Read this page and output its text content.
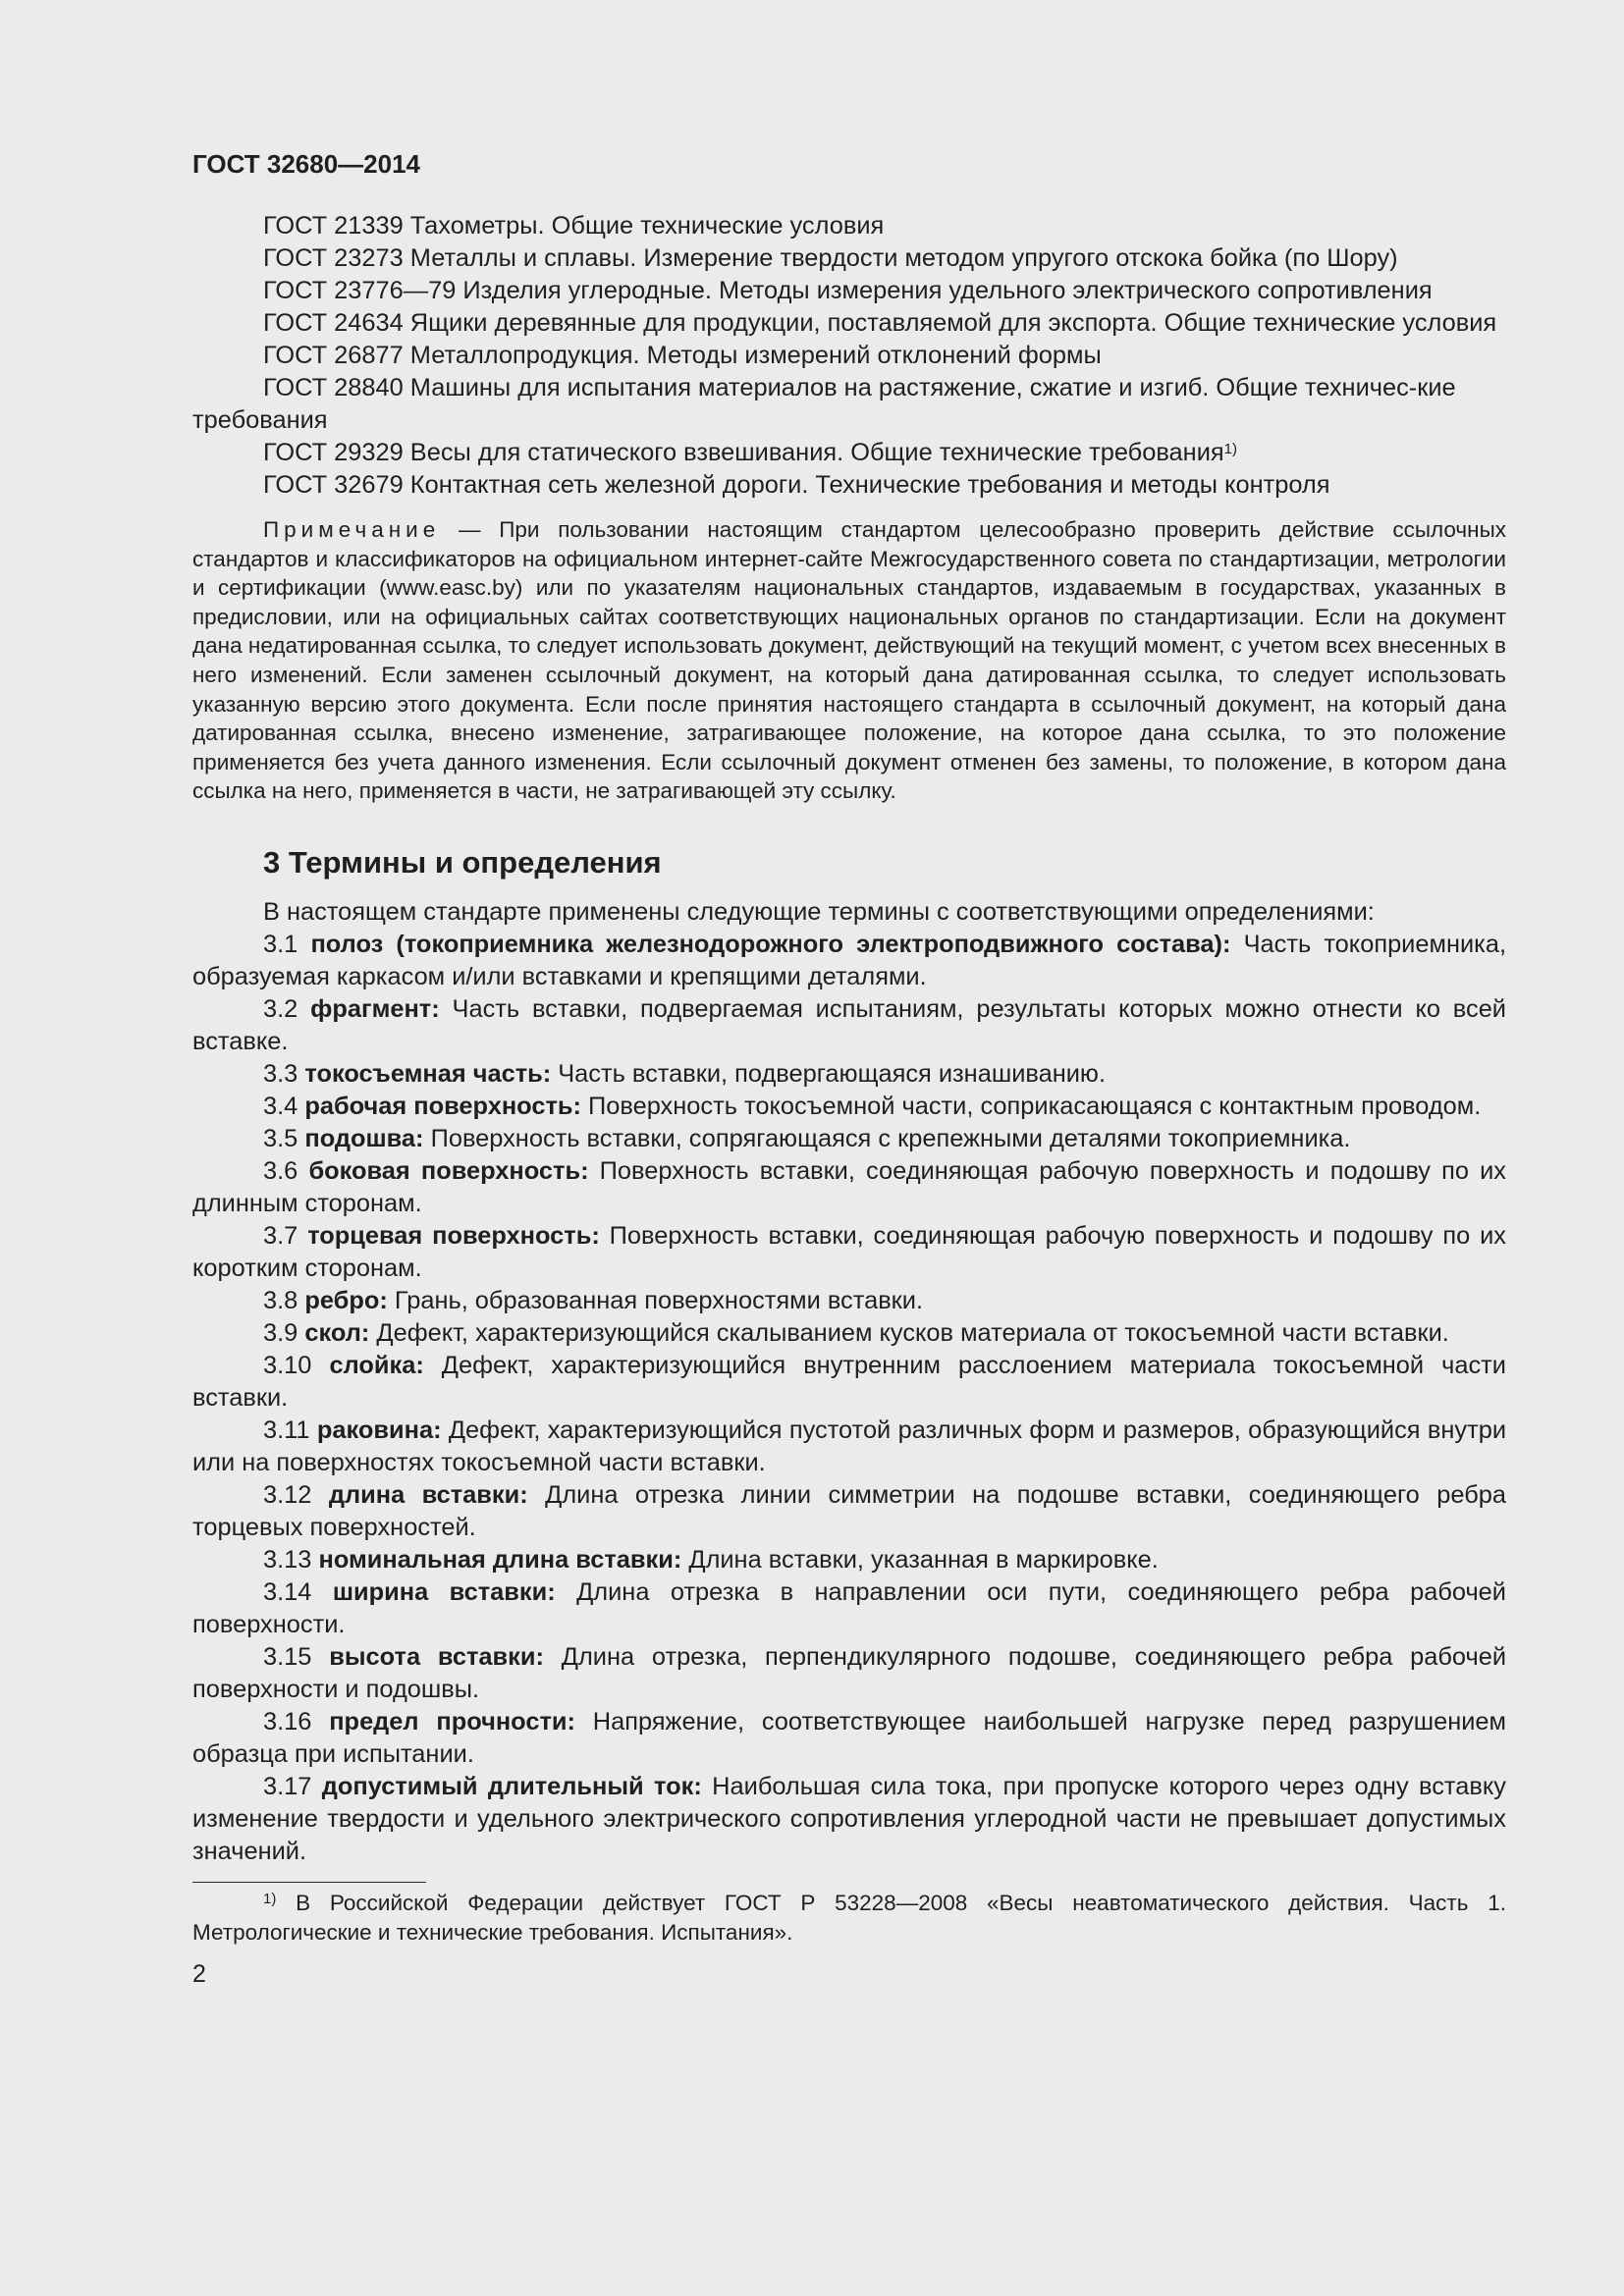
ГОСТ 32680—2014

ГОСТ 21339 Тахометры. Общие технические условия

ГОСТ 23273 Металлы и сплавы. Измерение твердости методом упругого отскока бойка (по Шору)

ГОСТ 23776—79 Изделия углеродные. Методы измерения удельного электрического сопротивления

ГОСТ 24634 Ящики деревянные для продукции, поставляемой для экспорта. Общие технические условия

ГОСТ 26877 Металлопродукция. Методы измерений отклонений формы

ГОСТ 28840 Машины для испытания материалов на растяжение, сжатие и изгиб. Общие техничес-кие требования

ГОСТ 29329 Весы для статического взвешивания. Общие технические требования$^{1)}$

ГОСТ 32679 Контактная сеть железной дороги. Технические требования и методы контроля

Примечание — При пользовании настоящим стандартом целесообразно проверить действие ссылочных стандартов и классификаторов на официальном интернет-сайте Межгосударственного совета по стандартизации, метрологии и сертификации (www.easc.by) или по указателям национальных стандартов, издаваемым в государствах, указанных в предисловии, или на официальных сайтах соответствующих национальных органов по стандартизации. Если на документ дана недатированная ссылка, то следует использовать документ, действующий на текущий момент, с учетом всех внесенных в него изменений. Если заменен ссылочный документ, на который дана датированная ссылка, то следует использовать указанную версию этого документа. Если после принятия настоящего стандарта в ссылочный документ, на который дана датированная ссылка, внесено изменение, затрагивающее положение, на которое дана ссылка, то это положение применяется без учета данного изменения. Если ссылочный документ отменен без замены, то положение, в котором дана ссылка на него, применяется в части, не затрагивающей эту ссылку.

3 Термины и определения

В настоящем стандарте применены следующие термины с соответствующими определениями:

3.1 полоз (токоприемника железнодорожного электроподвижного состава): Часть токоприемника, образуемая каркасом и/или вставками и крепящими деталями.

3.2 фрагмент: Часть вставки, подвергаемая испытаниям, результаты которых можно отнести ко всей вставке.

3.3 токосъемная часть: Часть вставки, подвергающаяся изнашиванию.

3.4 рабочая поверхность: Поверхность токосъемной части, соприкасающаяся с контактным проводом.

3.5 подошва: Поверхность вставки, сопрягающаяся с крепежными деталями токоприемника.

3.6 боковая поверхность: Поверхность вставки, соединяющая рабочую поверхность и подошву по их длинным сторонам.

3.7 торцевая поверхность: Поверхность вставки, соединяющая рабочую поверхность и подошву по их коротким сторонам.

3.8 ребро: Грань, образованная поверхностями вставки.

3.9 скол: Дефект, характеризующийся скалыванием кусков материала от токосъемной части вставки.

3.10 слойка: Дефект, характеризующийся внутренним расслоением материала токосъемной части вставки.

3.11 раковина: Дефект, характеризующийся пустотой различных форм и размеров, образующийся внутри или на поверхностях токосъемной части вставки.

3.12 длина вставки: Длина отрезка линии симметрии на подошве вставки, соединяющего ребра торцевых поверхностей.

3.13 номинальная длина вставки: Длина вставки, указанная в маркировке.

3.14 ширина вставки: Длина отрезка в направлении оси пути, соединяющего ребра рабочей поверхности.

3.15 высота вставки: Длина отрезка, перпендикулярного подошве, соединяющего ребра рабочей поверхности и подошвы.

3.16 предел прочности: Напряжение, соответствующее наибольшей нагрузке перед разрушением образца при испытании.

3.17 допустимый длительный ток: Наибольшая сила тока, при пропуске которого через одну вставку изменение твердости и удельного электрического сопротивления углеродной части не превышает допустимых значений.

$^{1)}$ В Российской Федерации действует ГОСТ Р 53228—2008 «Весы неавтоматического действия. Часть 1. Метрологические и технические требования. Испытания».

2
